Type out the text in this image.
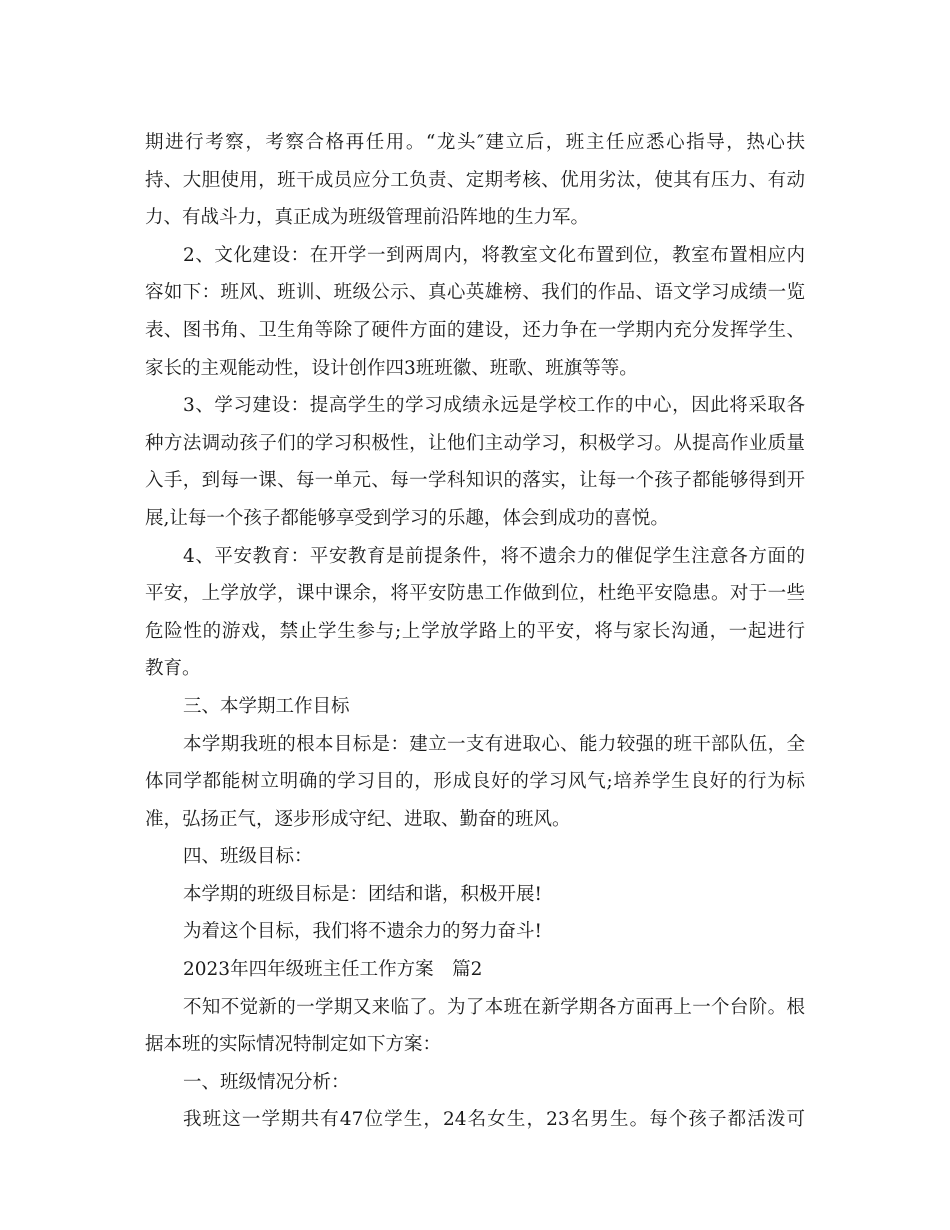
期进行考察，考察合格再任用。“龙头″建立后，班主任应悉心指导，热心扶
持、大胆使用，班干成员应分工负责、定期考核、优用劣汰，使其有压力、有动
力、有战斗力，真正成为班级管理前沿阵地的生力军。
2、文化建设：在开学一到两周内，将教室文化布置到位，教室布置相应内
容如下：班风、班训、班级公示、真心英雄榜、我们的作品、语文学习成绩一览
表、图书角、卫生角等除了硬件方面的建设，还力争在一学期内充分发挥学生、
家长的主观能动性，设计创作四3班班徽、班歌、班旗等等。
3、学习建设：提高学生的学习成绩永远是学校工作的中心，因此将采取各
种方法调动孩子们的学习积极性，让他们主动学习，积极学习。从提高作业质量
入手，到每一课、每一单元、每一学科知识的落实，让每一个孩子都能够得到开
展,让每一个孩子都能够享受到学习的乐趣，体会到成功的喜悦。
4、平安教育：平安教育是前提条件，将不遗余力的催促学生注意各方面的
平安，上学放学，课中课余，将平安防患工作做到位，杜绝平安隐患。对于一些
危险性的游戏，禁止学生参与;上学放学路上的平安，将与家长沟通，一起进行
教育。
三、本学期工作目标
本学期我班的根本目标是：建立一支有进取心、能力较强的班干部队伍，全
体同学都能树立明确的学习目的，形成良好的学习风气;培养学生良好的行为标
准，弘扬正气，逐步形成守纪、进取、勤奋的班风。
四、班级目标：
本学期的班级目标是：团结和谐，积极开展!
为着这个目标，我们将不遗余力的努力奋斗!
2023年四年级班主任工作方案　篇2
不知不觉新的一学期又来临了。为了本班在新学期各方面再上一个台阶。根
据本班的实际情况特制定如下方案：
一、班级情况分析：
我班这一学期共有47位学生，24名女生，23名男生。每个孩子都活泼可
